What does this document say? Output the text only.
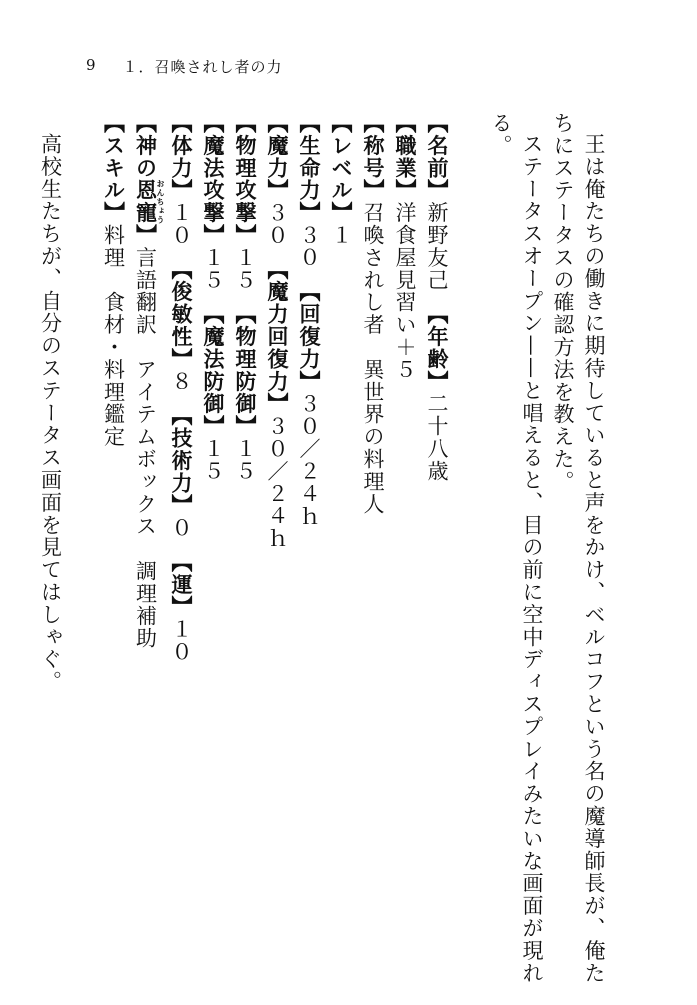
9 １．召喚されし者の力

王は俺たちの働きに期待していると声をかけ、ベルコフという名の魔導師長が、俺たちにステータスの確認方法を教えた。

ステータスオープン——と唱えると、目の前に空中ディスプレイみたいな画面が現れる。

【名前】新野友己　【年齢】二十八歳

【職業】洋食屋見習い＋５

【称号】召喚されし者　異世界の料理人

【レベル】１

【生命力】３０　【回復力】３０／２４ｈ

【魔力】３０　【魔力回復力】３０／２４ｈ

【物理攻撃】１５　【物理防御】１５

【魔法攻撃】１５　【魔法防御】１５

【体力】１０　【俊敏性】８　【技術力】０　【運】１０

【神の恩寵おんちょう】言語翻訳　アイテムボックス　調理補助

【スキル】料理　食材・料理鑑定

高校生たちが、自分のステータス画面を見てはしゃぐ。
